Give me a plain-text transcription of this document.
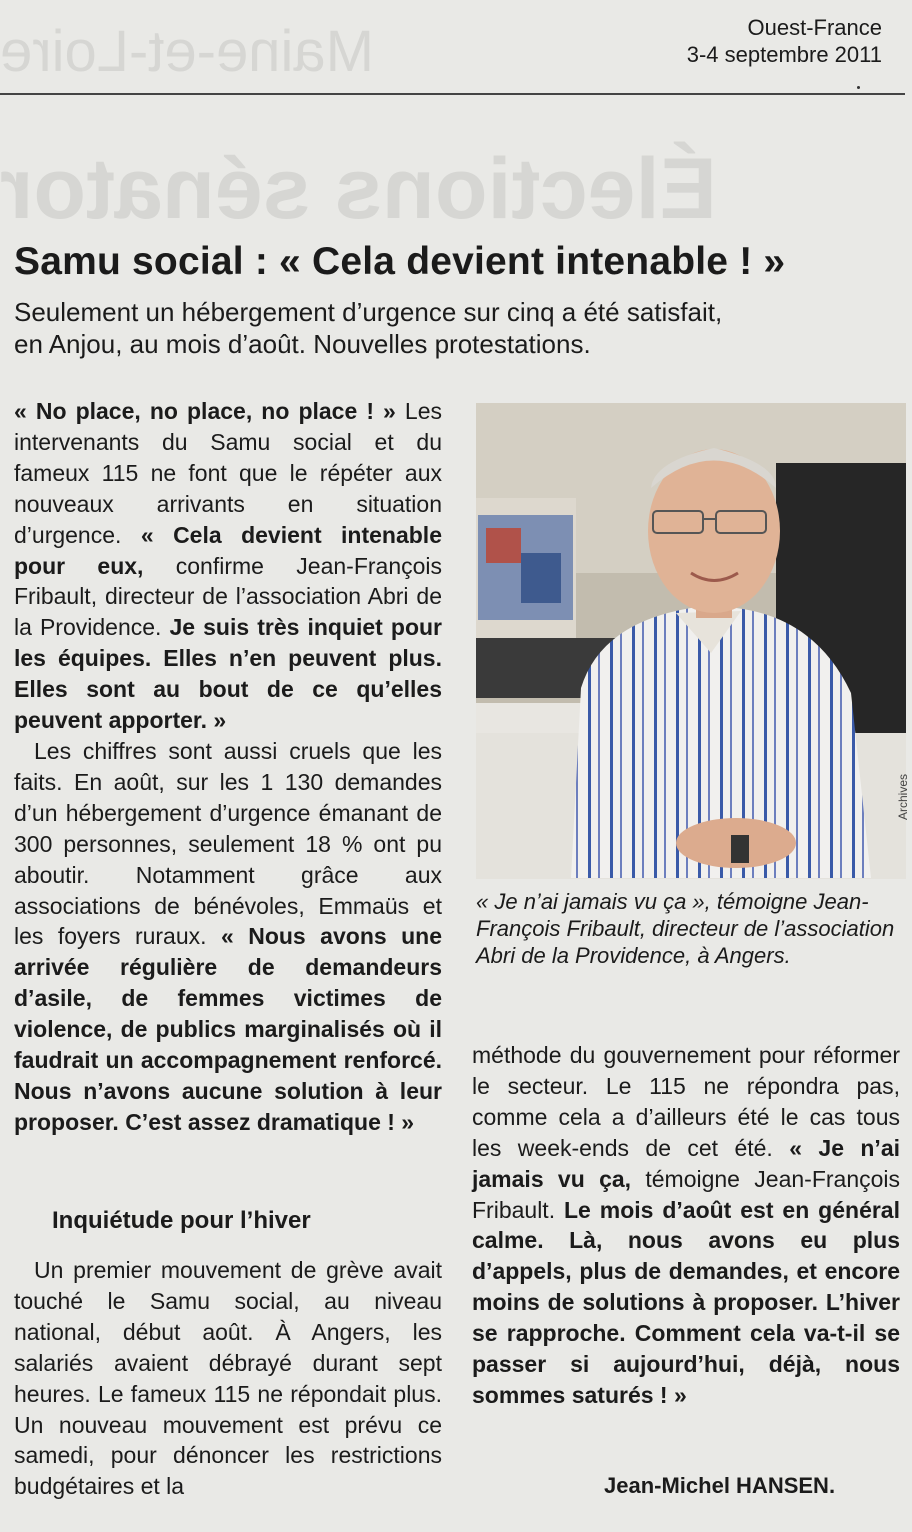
Maine-et-Loire
Élections sénator
Ouest-France
3-4 septembre 2011
Samu social : « Cela devient intenable ! »
Seulement un hébergement d’urgence sur cinq a été satisfait,
en Anjou, au mois d’août. Nouvelles protestations.

« No place, no place, no place ! » Les intervenants du Samu social et du fameux 115 ne font que le répéter aux nouveaux arrivants en situation d’urgence. « Cela devient intenable pour eux, confirme Jean-François Fribault, directeur de l’association Abri de la Providence. Je suis très inquiet pour les équipes. Elles n’en peuvent plus. Elles sont au bout de ce qu’elles peuvent apporter. »

Les chiffres sont aussi cruels que les faits. En août, sur les 1 130 demandes d’un hébergement d’urgence émanant de 300 personnes, seulement 18 % ont pu aboutir. Notamment grâce aux associations de bénévoles, Emmaüs et les foyers ruraux. « Nous avons une arrivée régulière de demandeurs d’asile, de femmes victimes de violence, de publics marginalisés où il faudrait un accompagnement renforcé. Nous n’avons aucune solution à leur proposer. C’est assez dramatique ! »

Inquiétude pour l’hiver

Un premier mouvement de grève avait touché le Samu social, au niveau national, début août. À Angers, les salariés avaient débrayé durant sept heures. Le fameux 115 ne répondait plus. Un nouveau mouvement est prévu ce samedi, pour dénoncer les restrictions budgétaires et la

Archives
« Je n’ai jamais vu ça », témoigne Jean-François Fribault, directeur de l’association Abri de la Providence, à Angers.

méthode du gouvernement pour réformer le secteur. Le 115 ne répondra pas, comme cela a d’ailleurs été le cas tous les week-ends de cet été. « Je n’ai jamais vu ça, témoigne Jean-François Fribault. Le mois d’août est en général calme. Là, nous avons eu plus d’appels, plus de demandes, et encore moins de solutions à proposer. L’hiver se rapproche. Comment cela va-t-il se passer si aujourd’hui, déjà, nous sommes saturés ! »

Jean-Michel HANSEN.
